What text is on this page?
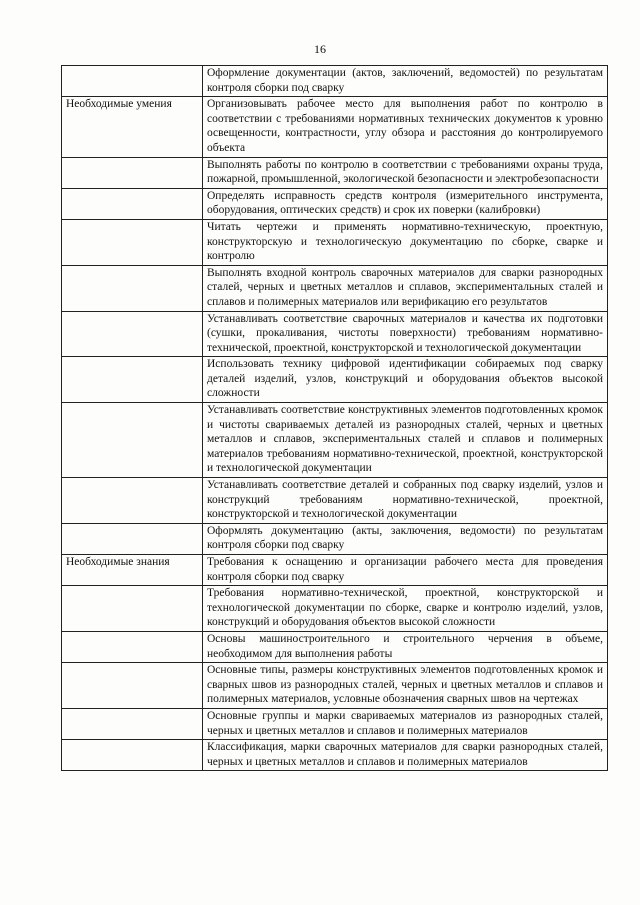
16
	Оформление документации (актов, заключений, ведомостей) по результатам контроля сборки под сварку
Необходимые умения	Организовывать рабочее место для выполнения работ по контролю в соответствии с требованиями нормативных технических документов к уровню освещенности, контрастности, углу обзора и расстояния до контролируемого объекта
	Выполнять работы по контролю в соответствии с требованиями охраны труда, пожарной, промышленной, экологической безопасности и электробезопасности
	Определять исправность средств контроля (измерительного инструмента, оборудования, оптических средств) и срок их поверки (калибровки)
	Читать чертежи и применять нормативно-техническую, проектную, конструкторскую и технологическую документацию по сборке, сварке и контролю
	Выполнять входной контроль сварочных материалов для сварки разнородных сталей, черных и цветных металлов и сплавов, экспериментальных сталей и сплавов и полимерных материалов или верификацию его результатов
	Устанавливать соответствие сварочных материалов и качества их подготовки (сушки, прокаливания, чистоты поверхности) требованиям нормативно-технической, проектной, конструкторской и технологической документации
	Использовать технику цифровой идентификации собираемых под сварку деталей изделий, узлов, конструкций и оборудования объектов высокой сложности
	Устанавливать соответствие конструктивных элементов подготовленных кромок и чистоты свариваемых деталей из разнородных сталей, черных и цветных металлов и сплавов, экспериментальных сталей и сплавов и полимерных материалов требованиям нормативно-технической, проектной, конструкторской и технологической документации
	Устанавливать соответствие деталей и собранных под сварку изделий, узлов и конструкций требованиям нормативно-технической, проектной, конструкторской и технологической документации
	Оформлять документацию (акты, заключения, ведомости) по результатам контроля сборки под сварку
Необходимые знания	Требования к оснащению и организации рабочего места для проведения контроля сборки под сварку
	Требования нормативно-технической, проектной, конструкторской и технологической документации по сборке, сварке и контролю изделий, узлов, конструкций и оборудования объектов высокой сложности
	Основы машиностроительного и строительного черчения в объеме, необходимом для выполнения работы
	Основные типы, размеры конструктивных элементов подготовленных кромок и сварных швов из разнородных сталей, черных и цветных металлов и сплавов и полимерных материалов, условные обозначения сварных швов на чертежах
	Основные группы и марки свариваемых материалов из разнородных сталей, черных и цветных металлов и сплавов и полимерных материалов
	Классификация, марки сварочных материалов для сварки разнородных сталей, черных и цветных металлов и сплавов и полимерных материалов
